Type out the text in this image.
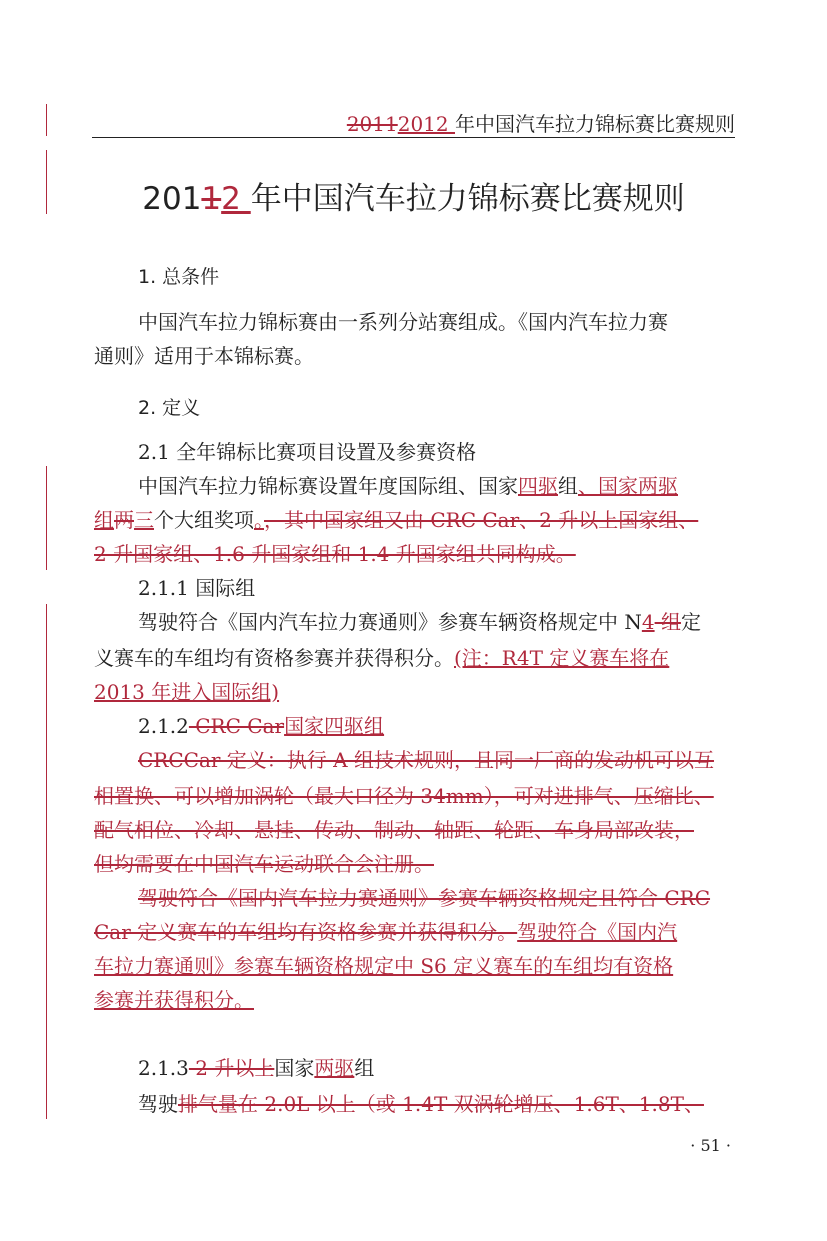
20112012 年中国汽车拉力锦标赛比赛规则
20112 年中国汽车拉力锦标赛比赛规则
1. 总条件
中国汽车拉力锦标赛由一系列分站赛组成。《国内汽车拉力赛
通则》适用于本锦标赛。
2. 定义
2.1 全年锦标比赛项目设置及参赛资格
中国汽车拉力锦标赛设置年度国际组、国家四驱组、国家两驱
组两三个大组奖项。，其中国家组又由 CRC Car、2 升以上国家组、
2 升国家组、1.6 升国家组和 1.4 升国家组共同构成。
2.1.1 国际组
驾驶符合《国内汽车拉力赛通则》参赛车辆资格规定中 N4 组定
义赛车的车组均有资格参赛并获得积分。(注：R4T 定义赛车将在
2013 年进入国际组)
2.1.2 CRC Car国家四驱组
CRCCar 定义：执行 A 组技术规则，且同一厂商的发动机可以互
相置换、可以增加涡轮（最大口径为 34mm），可对进排气、压缩比、
配气相位、冷却、悬挂、传动、制动、轴距、轮距、车身局部改装，
但均需要在中国汽车运动联合会注册。
驾驶符合《国内汽车拉力赛通则》参赛车辆资格规定且符合 CRC
Car 定义赛车的车组均有资格参赛并获得积分。驾驶符合《国内汽
车拉力赛通则》参赛车辆资格规定中 S6 定义赛车的车组均有资格
参赛并获得积分。
2.1.3 2 升以上国家两驱组
驾驶排气量在 2.0L 以上（或 1.4T 双涡轮增压、1.6T、1.8T、
· 51 ·
